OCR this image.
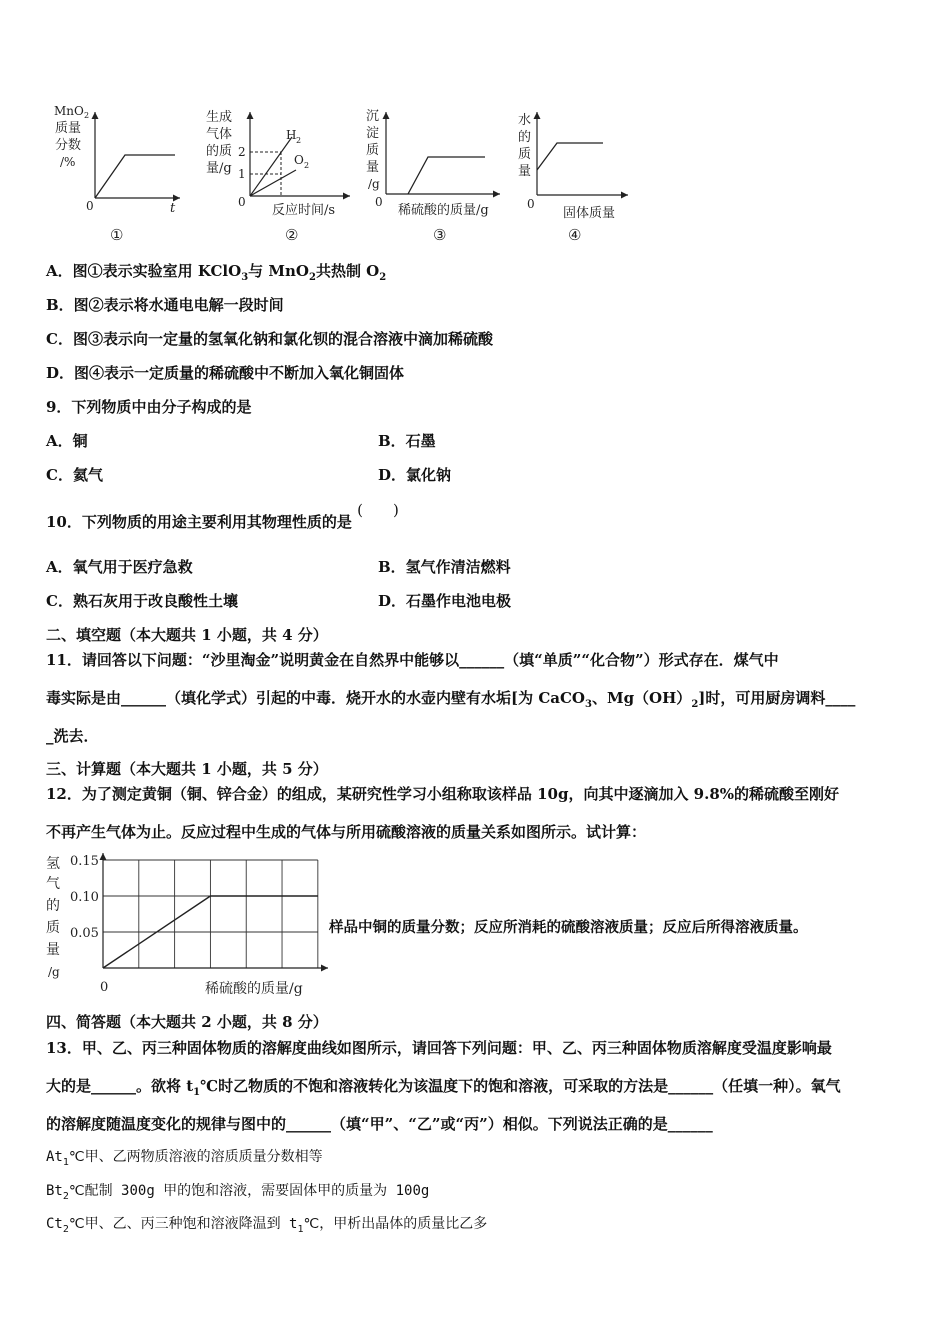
MnO 2
质量
分数
/%
0	t
①
生成
气体
的质
量/g
2
1
0
H 2
O 2
反应时间/s
②
沉
淀
质
量
/g
0
稀硫酸的质量/g
③
水
的
质
量
0
固体质量
④
A．图①表示实验室用 KClO$_3$与 MnO$_2$共热制 $O_2$
B．图②表示将水通电电解一段时间
C．图③表示向一定量的氢氧化钠和氯化钡的混合溶液中滴加稀硫酸
D．图④表示一定质量的稀硫酸中不断加入氧化铜固体
9．下列物质中由分子构成的是
A．铜	B．石墨
C．氦气	D．氯化钠
10．下列物质的用途主要利用其物理性质的是 (　　)
A．氧气用于医疗急救	B．氢气作清洁燃料
C．熟石灰用于改良酸性土壤	D．石墨作电池电极
二、填空题（本大题共 1 小题，共 4 分）
11．请回答以下问题：“沙里淘金”说明黄金在自然界中能够以______（填“单质”“化合物”）形式存在．煤气中
毒实际是由______（填化学式）引起的中毒．烧开水的水壶内壁有水垢[为 CaCO$_3$、$Mg(OH)_2$]时，可用厨房调料____
_洗去．
三、计算题（本大题共 1 小题，共 5 分）
12．为了测定黄铜（铜、锌合金）的组成，某研究性学习小组称取该样品 10g，向其中逐滴加入 9.8%的稀硫酸至刚好
不再产生气体为止。反应过程中生成的气体与所用硫酸溶液的质量关系如图所示。试计算：
0.15
0.10
0.05
氢
气
的
质
量
/g
0	稀硫酸的质量/g
样品中铜的质量分数；反应所消耗的硫酸溶液质量；反应后所得溶液质量。
四、简答题（本大题共 2 小题，共 8 分）
13．甲、乙、丙三种固体物质的溶解度曲线如图所示，请回答下列问题：甲、乙、丙三种固体物质溶解度受温度影响最
大的是______。欲将 $t_1℃$时乙物质的不饱和溶液转化为该温度下的饱和溶液，可采取的方法是______（任填一种）。氧气
的溶解度随温度变化的规律与图中的______（填“甲”、“乙”或“丙”）相似。下列说法正确的是______
$At_1℃$甲、乙两物质溶液的溶质质量分数相等
$Bt_2℃$配制 300g 甲的饱和溶液，需要固体甲的质量为 100g
$Ct_2℃$甲、乙、丙三种饱和溶液降温到 $t_1℃$，甲析出晶体的质量比乙多
